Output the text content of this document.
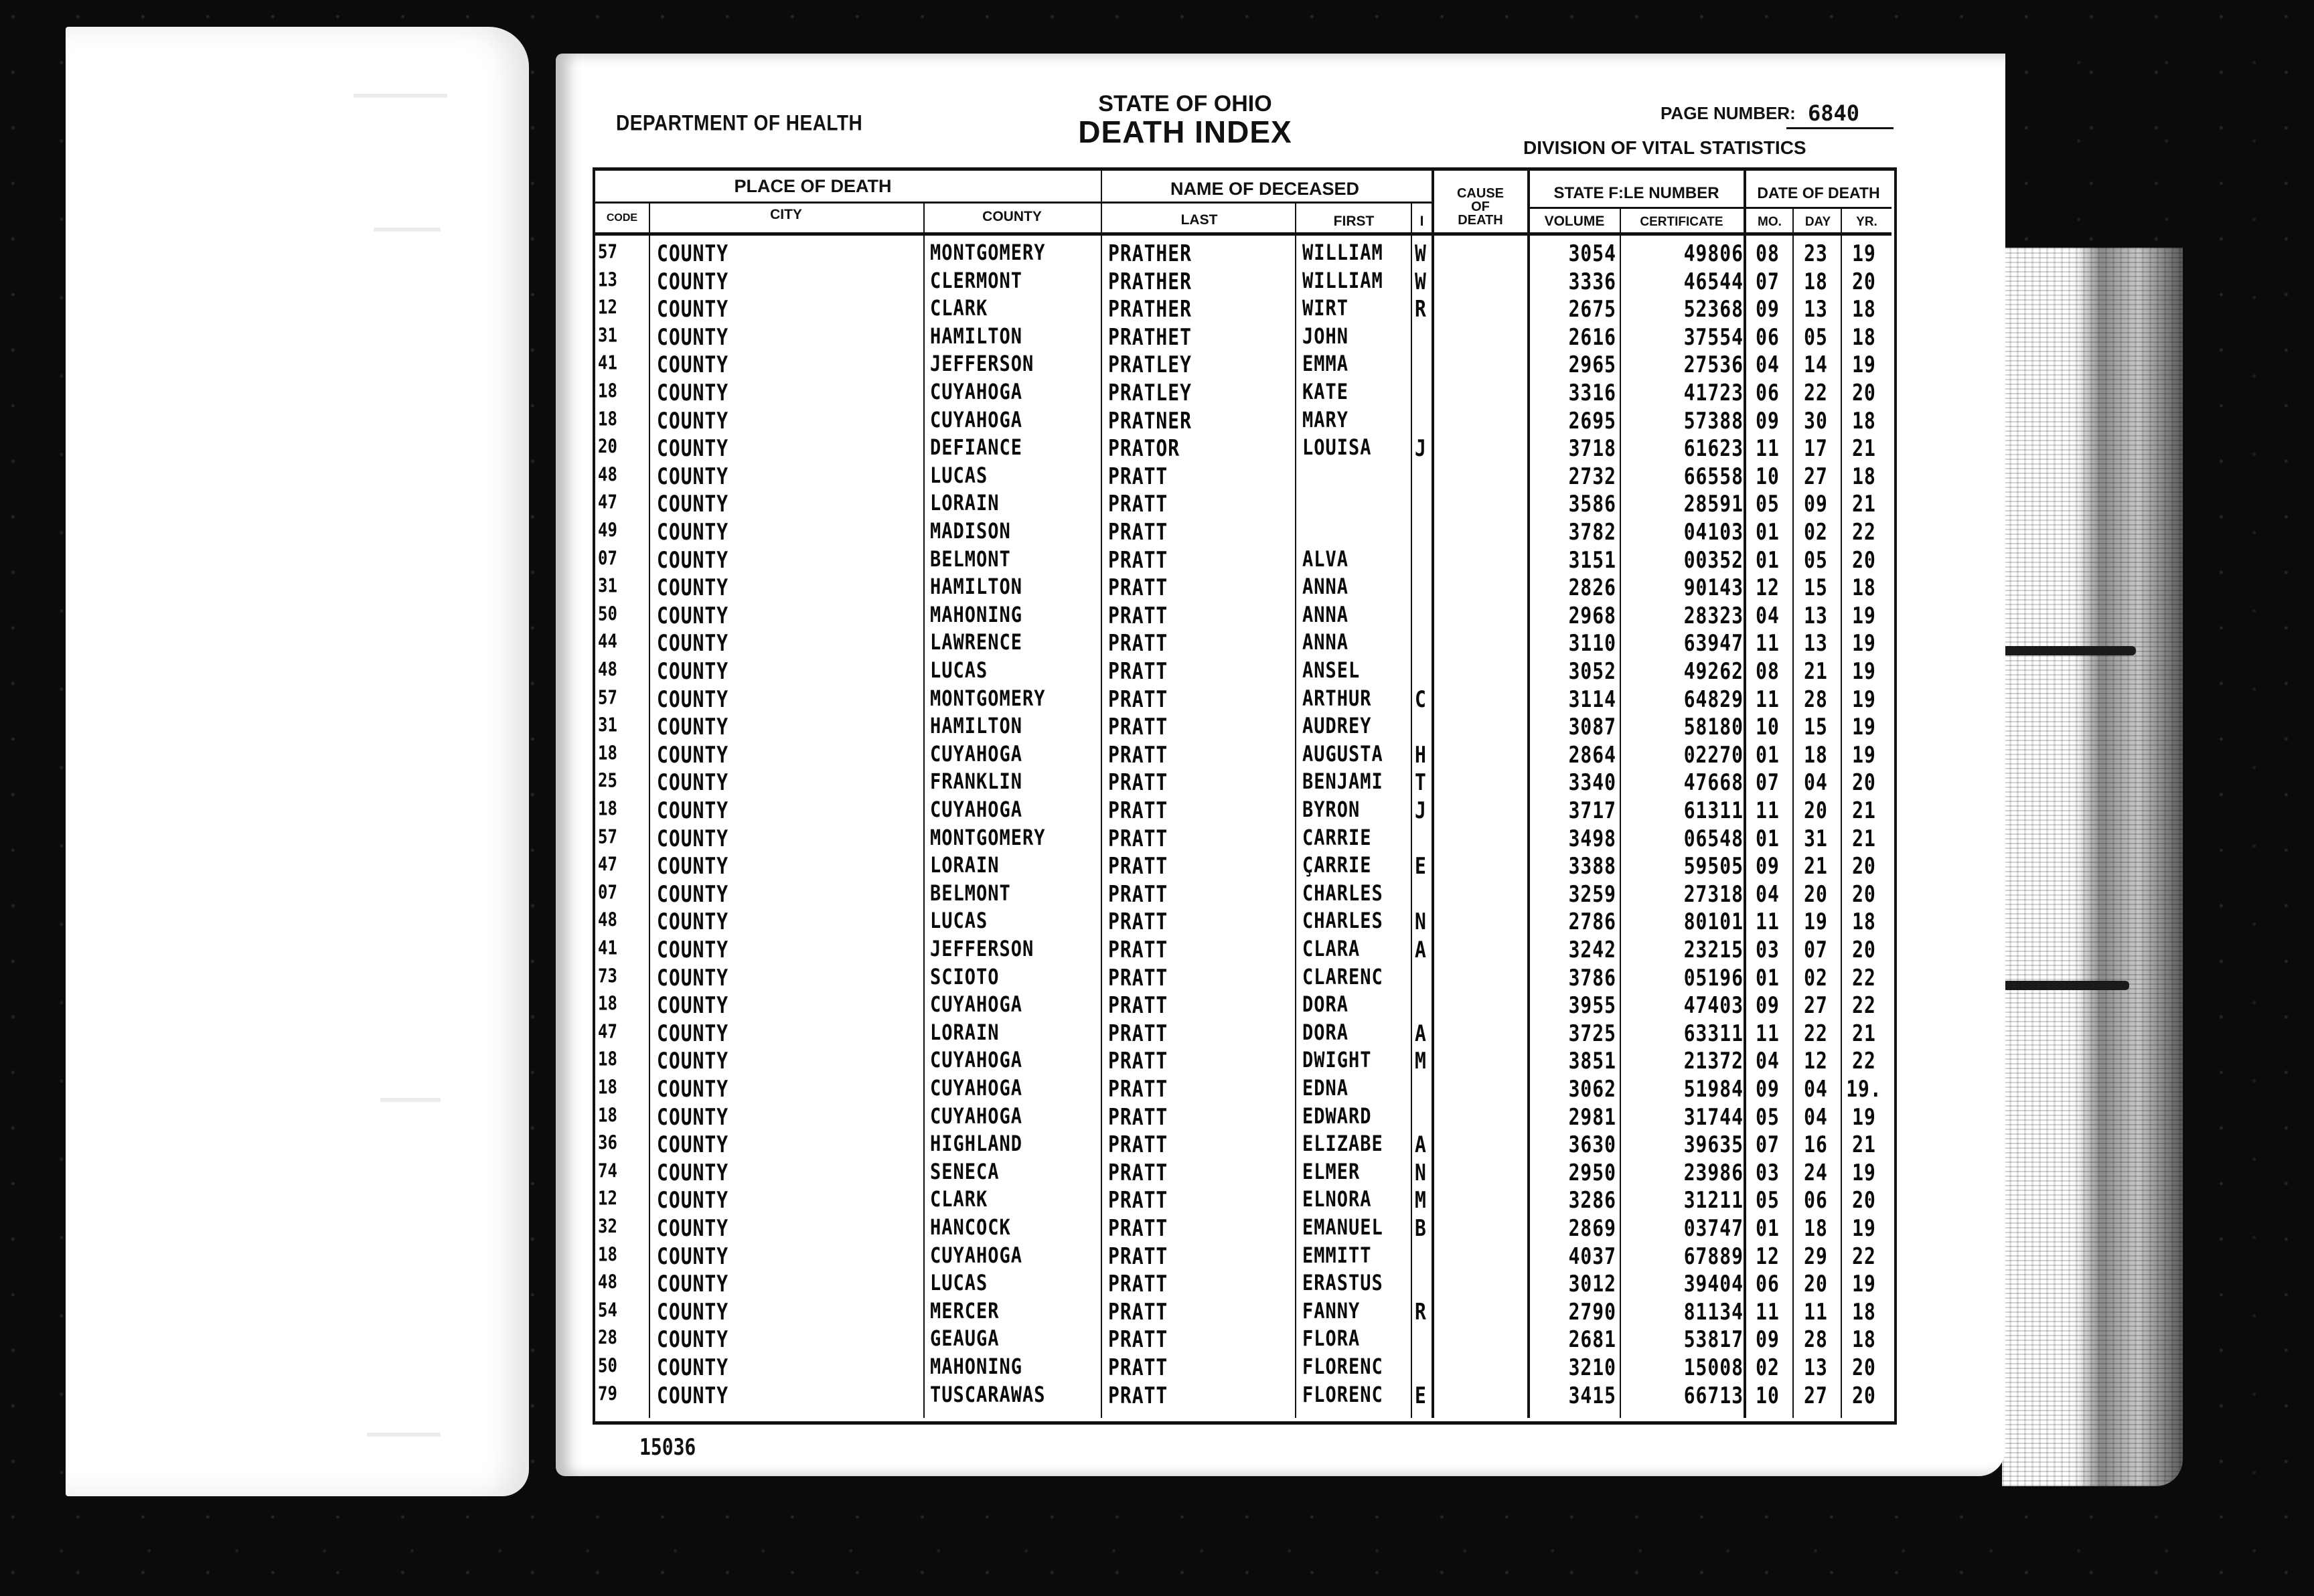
DEPARTMENT OF HEALTH
STATE OF OHIO
DEATH INDEX
PAGE NUMBER: 6840
DIVISION OF VITAL STATISTICS
PLACE OF DEATH	NAME OF DECEASED	CAUSE
OF
DEATH
STATE F:LE NUMBER	DATE OF DEATH
CODE	CITY	COUNTY	LAST	FIRST	I	VOLUME	CERTIFICATE	MO.	DAY	YR.
57 COUNTY	MONTGOMERY	PRATHER	WILLIAM W	3054	49806 08	23	19
13 COUNTY	CLERMONT	PRATHER	WILLIAM W	3336	46544 07	18	20
12 COUNTY	CLARK	PRATHER	WIRT	R	2675	52368 09	13	18
31 COUNTY	HAMILTON	PRATHET	JOHN	2616	37554 06	05	18
41 COUNTY	JEFFERSON	PRATLEY	EMMA	2965	27536 04	14	19
18 COUNTY	CUYAHOGA	PRATLEY	KATE	3316	41723 06	22	20
18 COUNTY	CUYAHOGA	PRATNER	MARY	2695	57388 09	30	18
20 COUNTY	DEFIANCE	PRATOR	LOUISA J	3718	61623 11	17	21
48 COUNTY	LUCAS	PRATT	2732	66558 10	27	18
47 COUNTY	LORAIN	PRATT	3586	28591 05	09	21
49 COUNTY	MADISON	PRATT	3782	04103 01	02	22
07 COUNTY	BELMONT	PRATT	ALVA	3151	00352 01	05	20
31 COUNTY	HAMILTON	PRATT	ANNA	2826	90143 12	15	18
50 COUNTY	MAHONING	PRATT	ANNA	2968	28323 04	13	19
44 COUNTY	LAWRENCE	PRATT	ANNA	3110	63947 11	13	19
48 COUNTY	LUCAS	PRATT	ANSEL	3052	49262 08	21	19
57 COUNTY	MONTGOMERY	PRATT	ARTHUR C	3114	64829 11	28	19
31 COUNTY	HAMILTON	PRATT	AUDREY	3087	58180 10	15	19
18 COUNTY	CUYAHOGA	PRATT	AUGUSTA H	2864	02270 01	18	19
25 COUNTY	FRANKLIN	PRATT	BENJAMI T	3340	47668 07	04	20
18 COUNTY	CUYAHOGA	PRATT	BYRON	J	3717	61311 11	20	21
57 COUNTY	MONTGOMERY	PRATT	CARRIE	3498	06548 01	31	21
47 COUNTY	LORAIN	PRATT	ÇARRIE E	3388	59505 09	21	20
07 COUNTY	BELMONT	PRATT	CHARLES	3259	27318 04	20	20
48 COUNTY	LUCAS	PRATT	CHARLES N	2786	80101 11	19	18
41 COUNTY	JEFFERSON	PRATT	CLARA	A	3242	23215 03	07	20
73 COUNTY	SCIOTO	PRATT	CLARENC	3786	05196 01	02	22
18 COUNTY	CUYAHOGA	PRATT	DORA	3955	47403 09	27	22
47 COUNTY	LORAIN	PRATT	DORA	A	3725	63311 11	22	21
18 COUNTY	CUYAHOGA	PRATT	DWIGHT M	3851	21372 04	12	22
18 COUNTY	CUYAHOGA	PRATT	EDNA	3062	51984 09	04 19.
18 COUNTY	CUYAHOGA	PRATT	EDWARD	2981	31744 05	04	19
36 COUNTY	HIGHLAND	PRATT	ELIZABE A	3630	39635 07	16	21
74 COUNTY	SENECA	PRATT	ELMER	N	2950	23986 03	24	19
12 COUNTY	CLARK	PRATT	ELNORA M	3286	31211 05	06	20
32 COUNTY	HANCOCK	PRATT	EMANUEL B	2869	03747 01	18	19
18 COUNTY	CUYAHOGA	PRATT	EMMITT	4037	67889 12	29	22
48 COUNTY	LUCAS	PRATT	ERASTUS	3012	39404 06	20	19
54 COUNTY	MERCER	PRATT	FANNY	R	2790	81134 11	11	18
28 COUNTY	GEAUGA	PRATT	FLORA	2681	53817 09	28	18
50 COUNTY	MAHONING	PRATT	FLORENC	3210	15008 02	13	20
79 COUNTY	TUSCARAWAS	PRATT	FLORENC E	3415	66713 10	27	20
15036
